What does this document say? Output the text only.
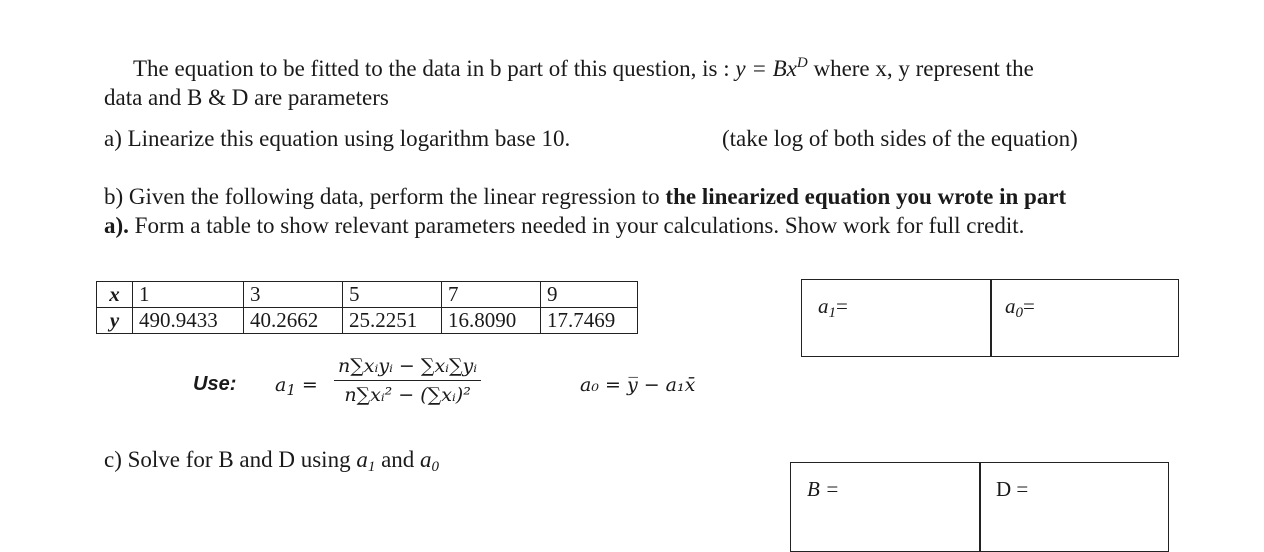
The equation to be fitted to the data in b part of this question, is : $y = Bx^D$ where x, y represent the
data and B & D are parameters
a) Linearize this equation using logarithm base 10.	(take log of both sides of the equation)
b) Given the following data, perform the linear regression to the linearized equation you wrote in part
a). Form a table to show relevant parameters needed in your calculations. Show work for full credit.
x	1	3	5	7	9
y	490.9433	40.2662	25.2251	16.8090	17.7469
$a_1=$	$a_0=$
Use: $a_1$ =
n∑xᵢyᵢ − ∑xᵢ∑yᵢ
n∑xᵢ² − (∑xᵢ)²	a₀ = y̅ − a₁x̄
c) Solve for B and D using $a_1$ and $a_0$
B =	D =
